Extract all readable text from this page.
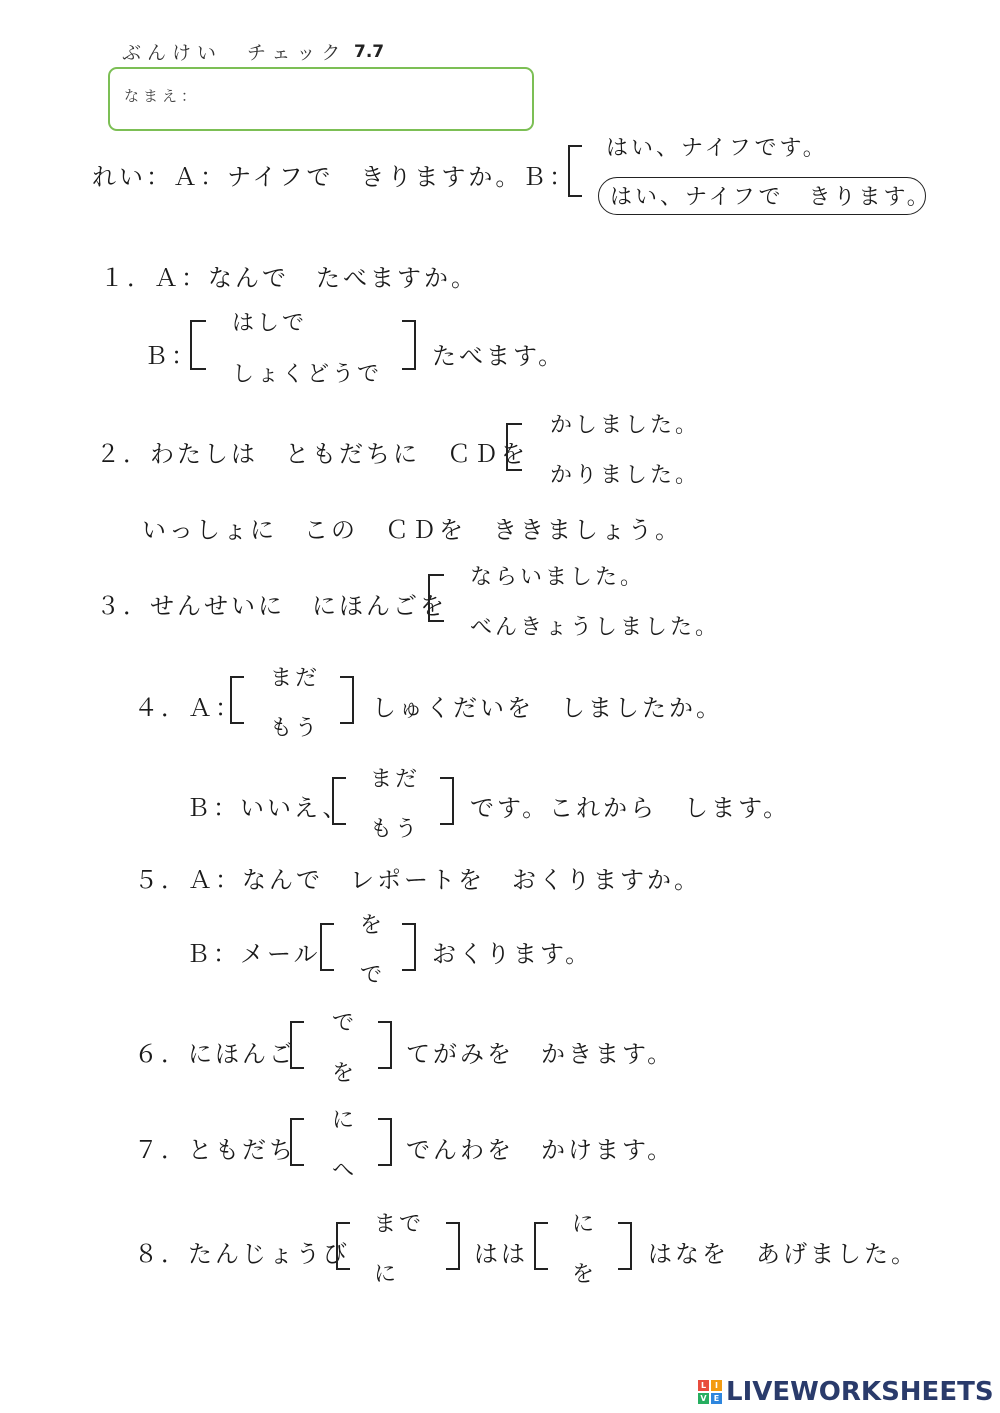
ぶんけい　チェック 7.7
なまえ：
れい：Ａ：ナイフで　きりますか。 Ｂ：
はい、ナイフです。
はい、ナイフで　きります。
１．Ａ：なんで　たべますか。
Ｂ：
はしで
しょくどうで
たべます。
２．わたしは　ともだちに　ＣＤを
かしました。
かりました。
いっしょに　この　ＣＤを　ききましょう。
３．せんせいに　にほんごを
ならいました。
べんきょうしました。
４．Ａ：
まだ
もう
しゅくだいを　しましたか。
Ｂ：いいえ、
まだ
もう
です。これから　します。
５．Ａ：なんで　レポートを　おくりますか。
Ｂ：メール
を
で
おくります。
６．にほんご
で
を
てがみを　かきます。
７．ともだち
に
へ
でんわを　かけます。
８．たんじょうび
まで
に
はは
に
を
はなを　あげました。
L	I
V E LIVEWORKSHEETS
